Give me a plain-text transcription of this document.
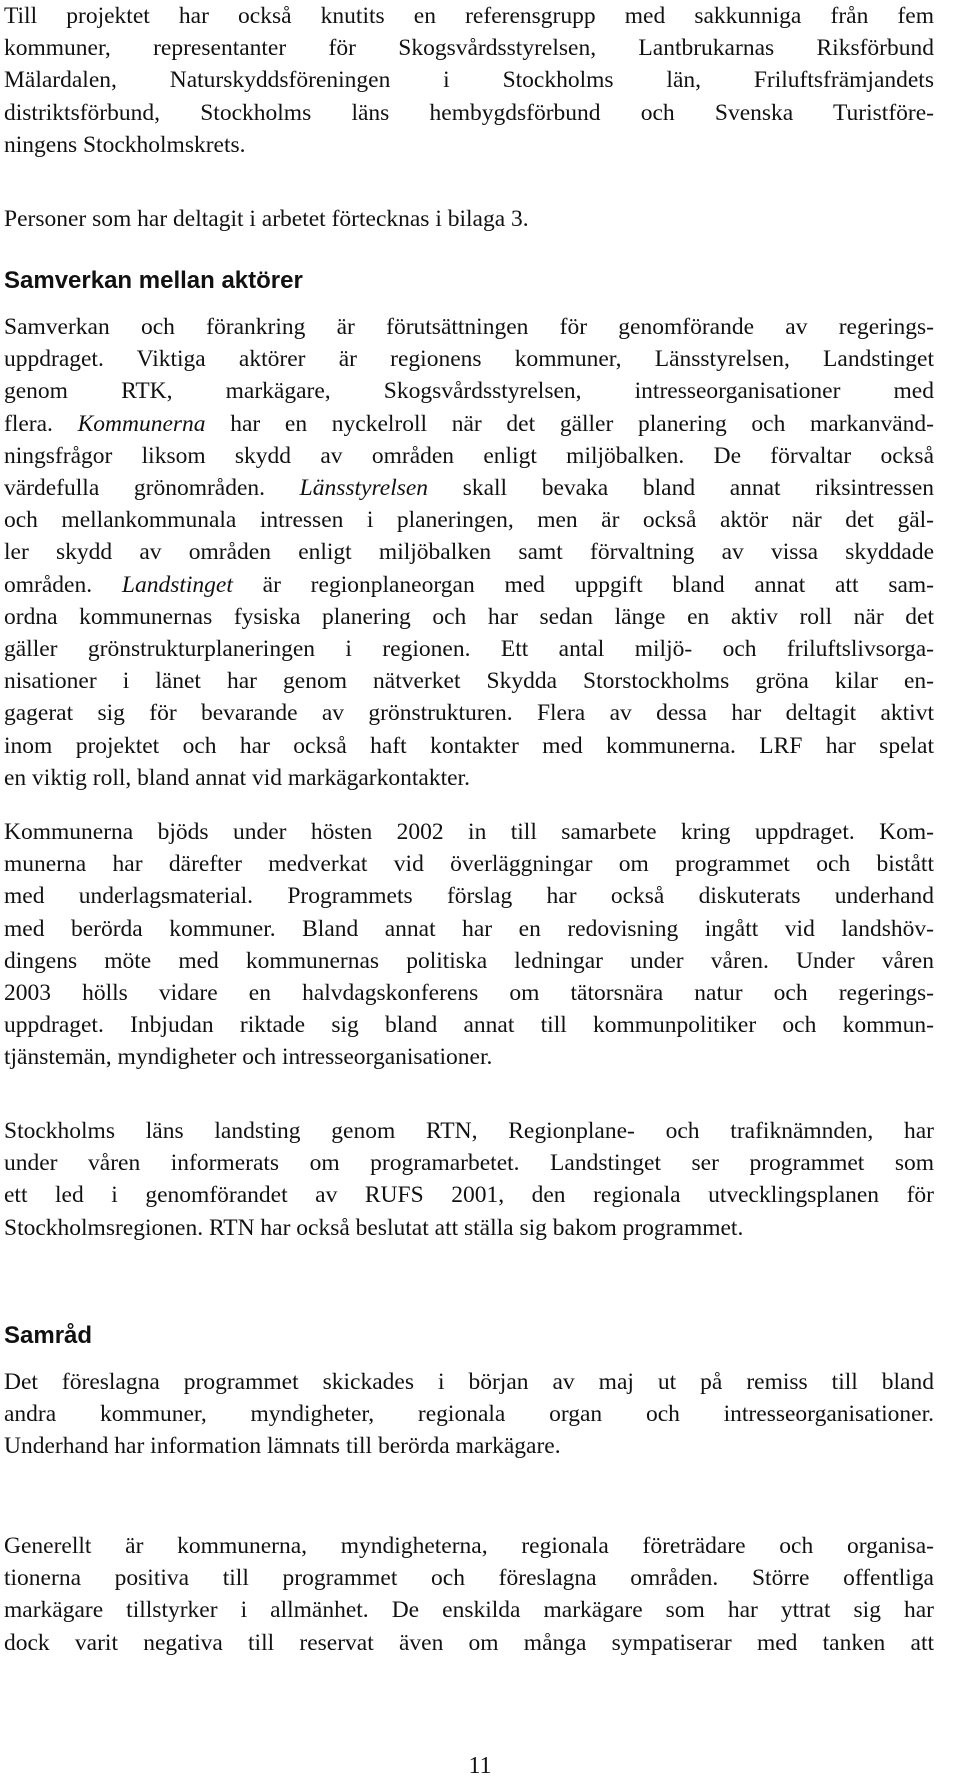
Till projektet har också knutits en referensgrupp med sakkunniga från fem
kommuner, representanter för Skogsvårdsstyrelsen, Lantbrukarnas Riksförbund
Mälardalen, Naturskyddsföreningen i Stockholms län, Friluftsfrämjandets
distriktsförbund, Stockholms läns hembygdsförbund och Svenska Turistföre-
ningens Stockholmskrets.

Personer som har deltagit i arbetet förtecknas i bilaga 3.

Samverkan mellan aktörer

Samverkan och förankring är förutsättningen för genomförande av regerings-
uppdraget. Viktiga aktörer är regionens kommuner, Länsstyrelsen, Landstinget
genom RTK, markägare, Skogsvårdsstyrelsen, intresseorganisationer med
flera. Kommunerna har en nyckelroll när det gäller planering och markanvänd-
ningsfrågor liksom skydd av områden enligt miljöbalken. De förvaltar också
värdefulla grönområden. Länsstyrelsen skall bevaka bland annat riksintressen
och mellankommunala intressen i planeringen, men är också aktör när det gäl-
ler skydd av områden enligt miljöbalken samt förvaltning av vissa skyddade
områden. Landstinget är regionplaneorgan med uppgift bland annat att sam-
ordna kommunernas fysiska planering och har sedan länge en aktiv roll när det
gäller grönstrukturplaneringen i regionen. Ett antal miljö- och friluftslivsorga-
nisationer i länet har genom nätverket Skydda Storstockholms gröna kilar en-
gagerat sig för bevarande av grönstrukturen. Flera av dessa har deltagit aktivt
inom projektet och har också haft kontakter med kommunerna. LRF har spelat
en viktig roll, bland annat vid markägarkontakter.

Kommunerna bjöds under hösten 2002 in till samarbete kring uppdraget. Kom-
munerna har därefter medverkat vid överläggningar om programmet och bistått
med underlagsmaterial. Programmets förslag har också diskuterats underhand
med berörda kommuner. Bland annat har en redovisning ingått vid landshöv-
dingens möte med kommunernas politiska ledningar under våren. Under våren
2003 hölls vidare en halvdagskonferens om tätorsnära natur och regerings-
uppdraget. Inbjudan riktade sig bland annat till kommunpolitiker och kommun-
tjänstemän, myndigheter och intresseorganisationer.

Stockholms läns landsting genom RTN, Regionplane- och trafiknämnden, har
under våren informerats om programarbetet. Landstinget ser programmet som
ett led i genomförandet av RUFS 2001, den regionala utvecklingsplanen för
Stockholmsregionen. RTN har också beslutat att ställa sig bakom programmet.

Samråd

Det föreslagna programmet skickades i början av maj ut på remiss till bland
andra kommuner, myndigheter, regionala organ och intresseorganisationer.
Underhand har information lämnats till berörda markägare.

Generellt är kommunerna, myndigheterna, regionala företrädare och organisa-
tionerna positiva till programmet och föreslagna områden. Större offentliga
markägare tillstyrker i allmänhet. De enskilda markägare som har yttrat sig har
dock varit negativa till reservat även om många sympatiserar med tanken att

11
